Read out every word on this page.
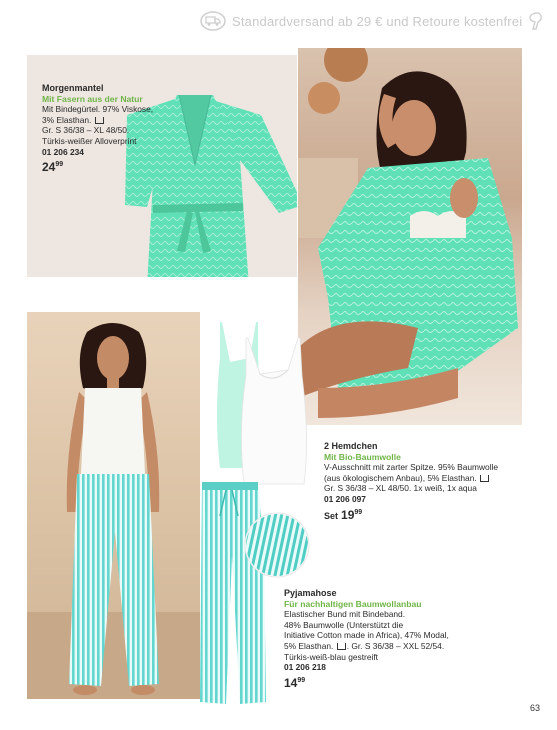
Standardversand ab 29 € und Retoure kostenfrei
Morgenmantel
Mit Fasern aus der Natur
Mit Bindegürtel. 97% Viskose,
3% Elasthan.
Gr. S 36/38 – XL 48/50.
Türkis-weißer Alloverprint
01 206 234
$24^{99}$
2 Hemdchen
Mit Bio-Baumwolle
V-Ausschnitt mit zarter Spitze. 95% Baumwolle
(aus ökologischem Anbau), 5% Elasthan.
Gr. S 36/38 – XL 48/50. 1x weiß, 1x aqua
01 206 097
Set $19^{99}$
Pyjamahose
Für nachhaltigen Baumwollanbau
Elastischer Bund mit Bindeband.
48% Baumwolle (Unterstützt die
Initiative Cotton made in Africa), 47% Modal,
5% Elasthan. . Gr. S 36/38 – XXL 52/54.
Türkis-weiß-blau gestreift
01 206 218
$14^{99}$
63
